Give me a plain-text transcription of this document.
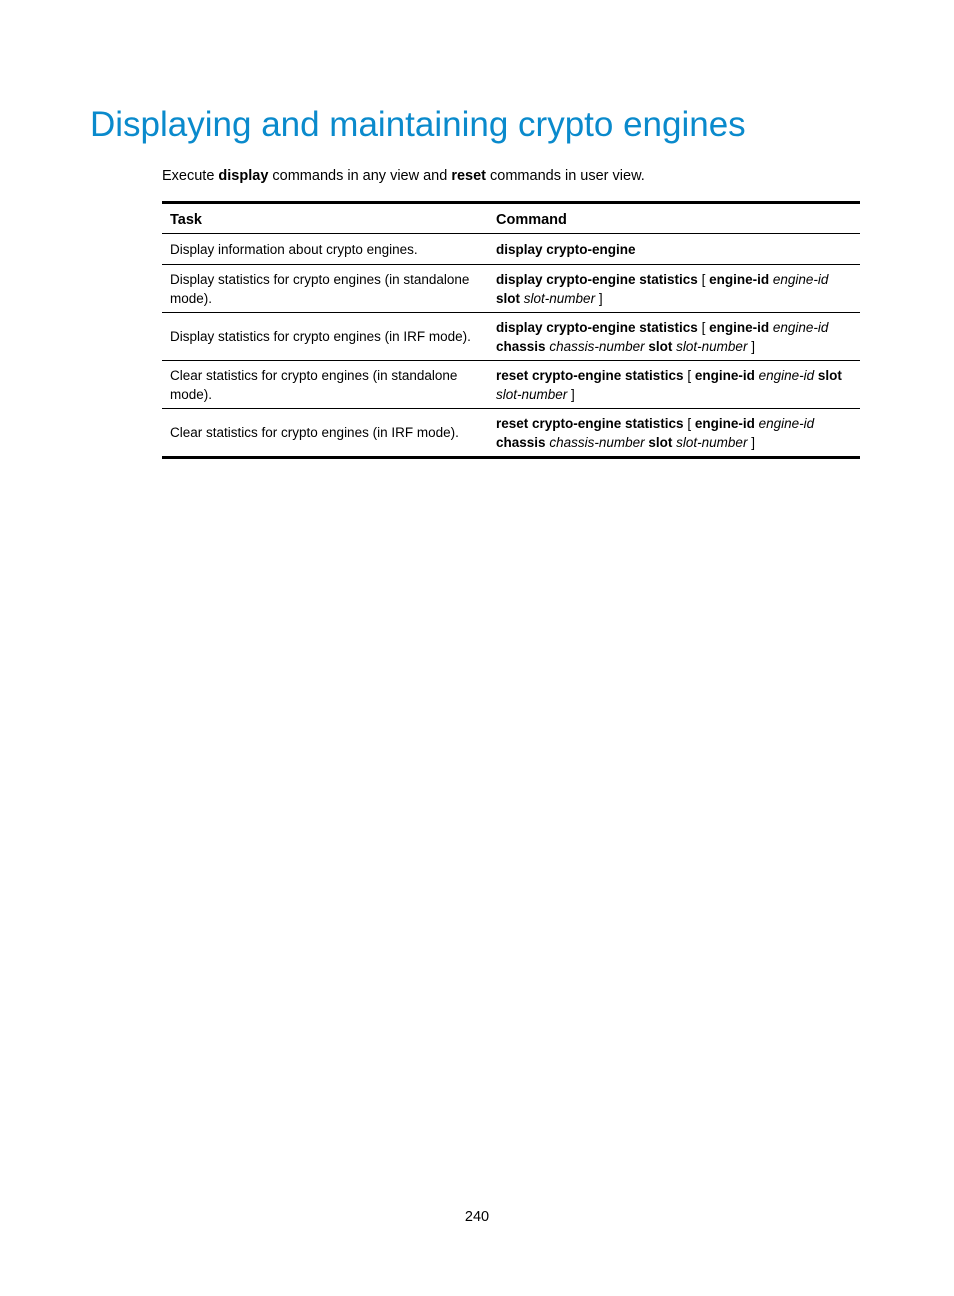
Displaying and maintaining crypto engines

Execute display commands in any view and reset commands in user view.

Task	Command
Display information about crypto engines.	display crypto-engine
Display statistics for crypto engines (in standalone mode).	display crypto-engine statistics [ engine-id engine-id slot slot-number ]
Display statistics for crypto engines (in IRF mode).	display crypto-engine statistics [ engine-id engine-id chassis chassis-number slot slot-number ]
Clear statistics for crypto engines (in standalone mode).	reset crypto-engine statistics [ engine-id engine-id slot slot-number ]
Clear statistics for crypto engines (in IRF mode).	reset crypto-engine statistics [ engine-id engine-id chassis chassis-number slot slot-number ]
240
